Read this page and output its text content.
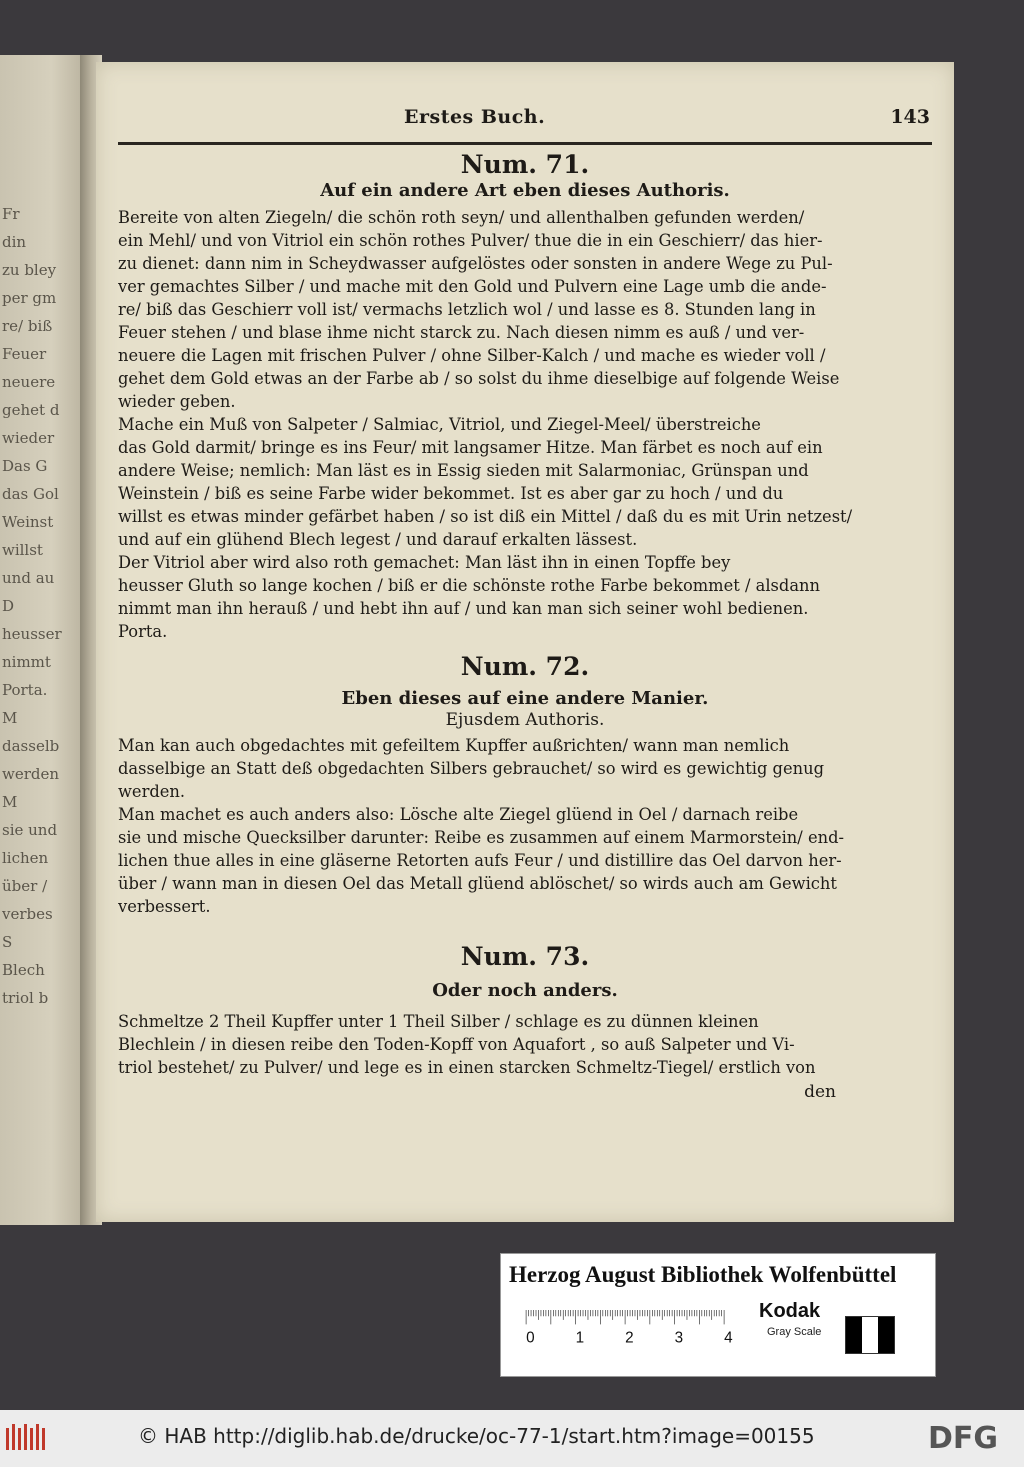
Fr
din
zu bley
per gm
re/ biß
Feuer
neuere
gehet d
wieder
Das G
das Gol
Weinst
willst
und au
D
heusser
nimmt
Porta.
M
dasselb
werden
M
sie und
lichen
über /
verbes
S
Blech
triol b
Erstes Buch.	143
Num. 71.
Auf ein andere Art eben dieses Authoris.
Bereite von alten Ziegeln/ die schön roth seyn/ und allenthalben gefunden werden/
ein Mehl/ und von Vitriol ein schön rothes Pulver/ thue die in ein Geschierr/ das hier-
zu dienet: dann nim in Scheydwasser aufgelöstes oder sonsten in andere Wege zu Pul-
ver gemachtes Silber / und mache mit den Gold und Pulvern eine Lage umb die ande-
re/ biß das Geschierr voll ist/ vermachs letzlich wol / und lasse es 8. Stunden lang in
Feuer stehen / und blase ihme nicht starck zu. Nach diesen nimm es auß / und ver-
neuere die Lagen mit frischen Pulver / ohne Silber-Kalch / und mache es wieder voll /
gehet dem Gold etwas an der Farbe ab / so solst du ihme dieselbige auf folgende Weise
wieder geben.
Mache ein Muß von Salpeter / Salmiac, Vitriol, und Ziegel-Meel/ überstreiche
das Gold darmit/ bringe es ins Feur/ mit langsamer Hitze. Man färbet es noch auf ein
andere Weise; nemlich: Man läst es in Essig sieden mit Salarmoniac, Grünspan und
Weinstein / biß es seine Farbe wider bekommet. Ist es aber gar zu hoch / und du
willst es etwas minder gefärbet haben / so ist diß ein Mittel / daß du es mit Urin netzest/
und auf ein glühend Blech legest / und darauf erkalten lässest.
Der Vitriol aber wird also roth gemachet: Man läst ihn in einen Topffe bey
heusser Gluth so lange kochen / biß er die schönste rothe Farbe bekommet / alsdann
nimmt man ihn herauß / und hebt ihn auf / und kan man sich seiner wohl bedienen.
Porta.
Num. 72.
Eben dieses auf eine andere Manier.
Ejusdem Authoris.
Man kan auch obgedachtes mit gefeiltem Kupffer außrichten/ wann man nemlich
dasselbige an Statt deß obgedachten Silbers gebrauchet/ so wird es gewichtig genug
werden.
Man machet es auch anders also: Lösche alte Ziegel glüend in Oel / darnach reibe
sie und mische Quecksilber darunter: Reibe es zusammen auf einem Marmorstein/ end-
lichen thue alles in eine gläserne Retorten aufs Feur / und distillire das Oel darvon her-
über / wann man in diesen Oel das Metall glüend ablöschet/ so wirds auch am Gewicht
verbessert.
Num. 73.
Oder noch anders.
Schmeltze 2 Theil Kupffer unter 1 Theil Silber / schlage es zu dünnen kleinen
Blechlein / in diesen reibe den Toden-Kopff von Aquafort , so auß Salpeter und Vi-
triol bestehet/ zu Pulver/ und lege es in einen starcken Schmeltz-Tiegel/ erstlich von
den
Herzog August Bibliothek Wolfenbüttel
0 1 2 3 4
Kodak
Gray Scale
© HAB http://diglib.hab.de/drucke/oc-77-1/start.htm?image=00155	DFG
